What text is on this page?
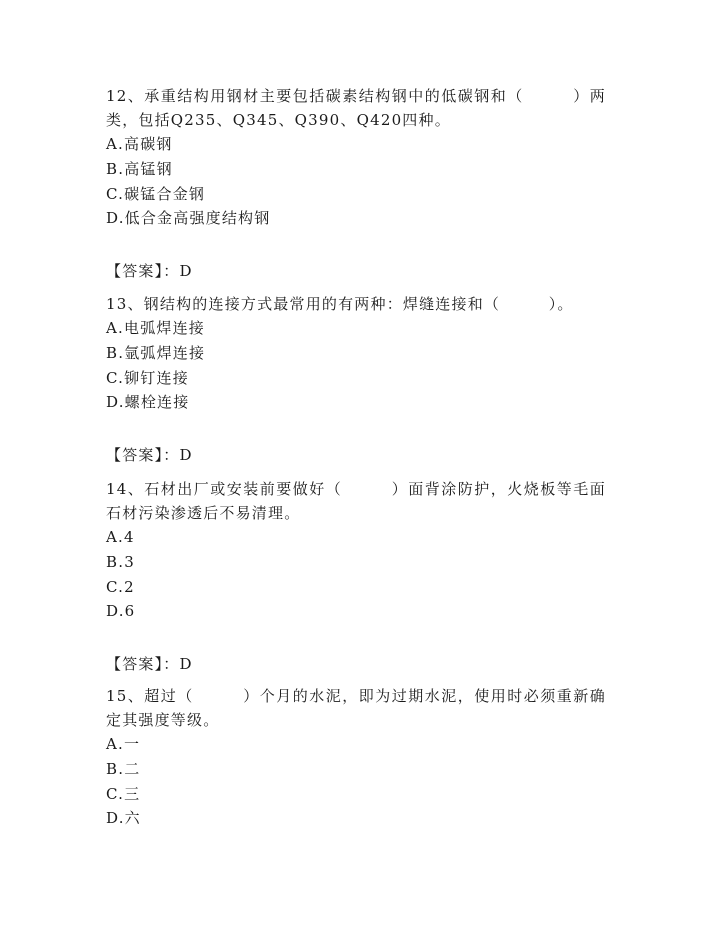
12、承重结构用钢材主要包括碳素结构钢中的低碳钢和（　　　）两类，包括Q235、Q345、Q390、Q420四种。

A.高碳钢

B.高锰钢

C.碳锰合金钢

D.低合金高强度结构钢

【答案】：D

13、钢结构的连接方式最常用的有两种：焊缝连接和（　　　）。

A.电弧焊连接

B.氩弧焊连接

C.铆钉连接

D.螺栓连接

【答案】：D

14、石材出厂或安装前要做好（　　　）面背涂防护，火烧板等毛面石材污染渗透后不易清理。

A.4

B.3

C.2

D.6

【答案】：D

15、超过（　　　）个月的水泥，即为过期水泥，使用时必须重新确定其强度等级。

A.一

B.二

C.三

D.六
